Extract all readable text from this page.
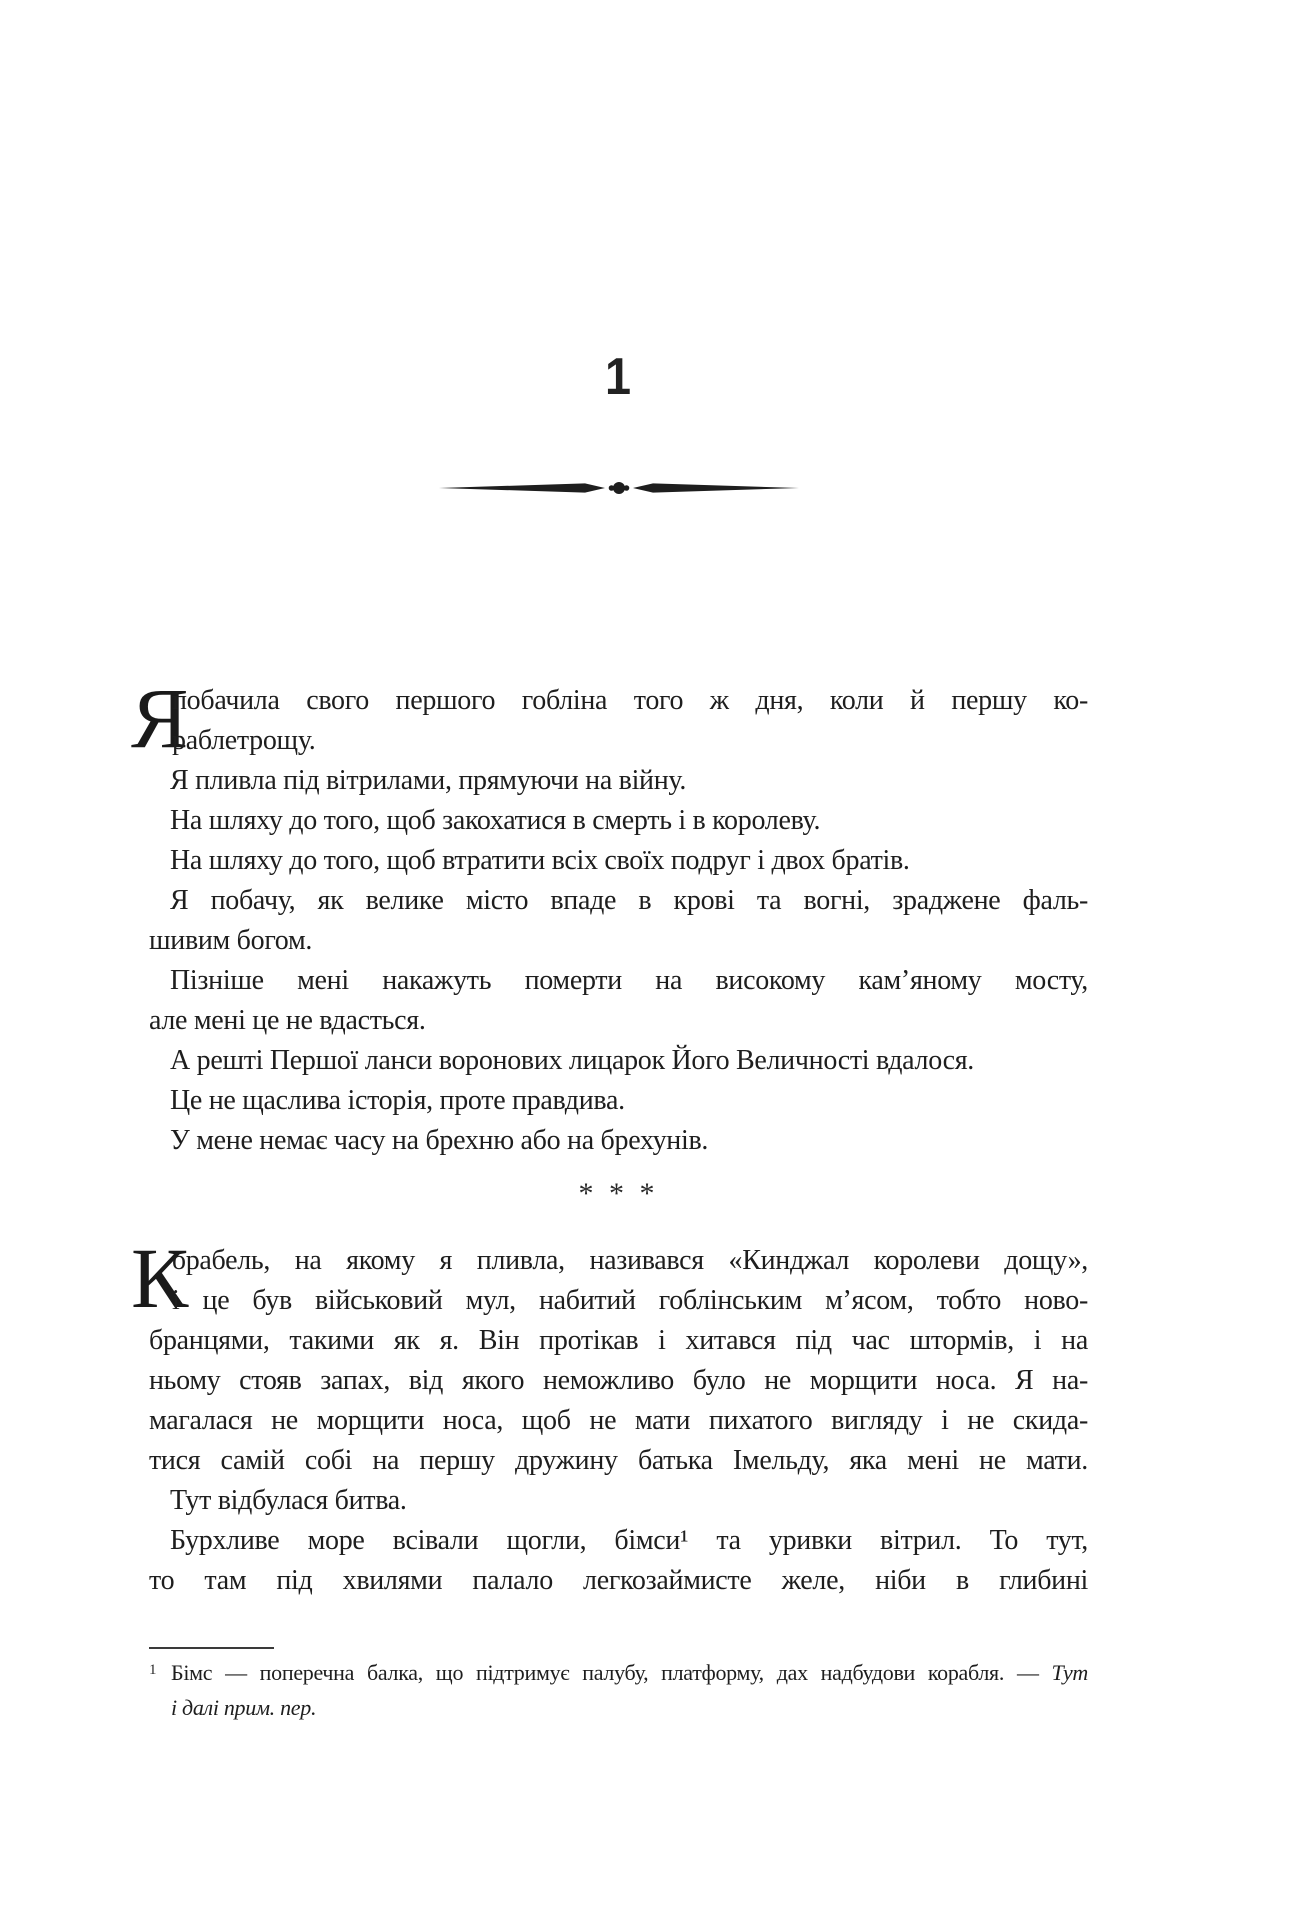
1
Я
побачила свого першого гобліна того ж дня, коли й першу ко-
раблетрощу.
Я пливла під вітрилами, прямуючи на війну.
На шляху до того, щоб закохатися в смерть і в королеву.
На шляху до того, щоб втратити всіх своїх подруг і двох братів.
Я побачу, як велике місто впаде в крові та вогні, зраджене фаль-
шивим богом.
Пізніше мені накажуть померти на високому кам’яному мосту,
але мені це не вдасться.
А решті Першої ланси воронових лицарок Його Величності вдалося.
Це не щаслива історія, проте правдива.
У мене немає часу на брехню або на брехунів.
* * *
К
орабель, на якому я пливла, називався «Кинджал королеви дощу»,
і це був військовий мул, набитий гоблінським м’ясом, тобто ново-
бранцями, такими як я. Він протікав і хитався під час штормів, і на
ньому стояв запах, від якого неможливо було не морщити носа. Я на-
магалася не морщити носа, щоб не мати пихатого вигляду і не скида-
тися самій собі на першу дружину батька Імельду, яка мені не мати.
Тут відбулася битва.
Бурхливе море всівали щогли, бімси¹ та уривки вітрил. То тут,
то там під хвилями палало легкозаймисте желе, ніби в глибині
1 Бімс — поперечна балка, що підтримує палубу, платформу, дах надбудови корабля. — Тут
і далі прим. пер.
